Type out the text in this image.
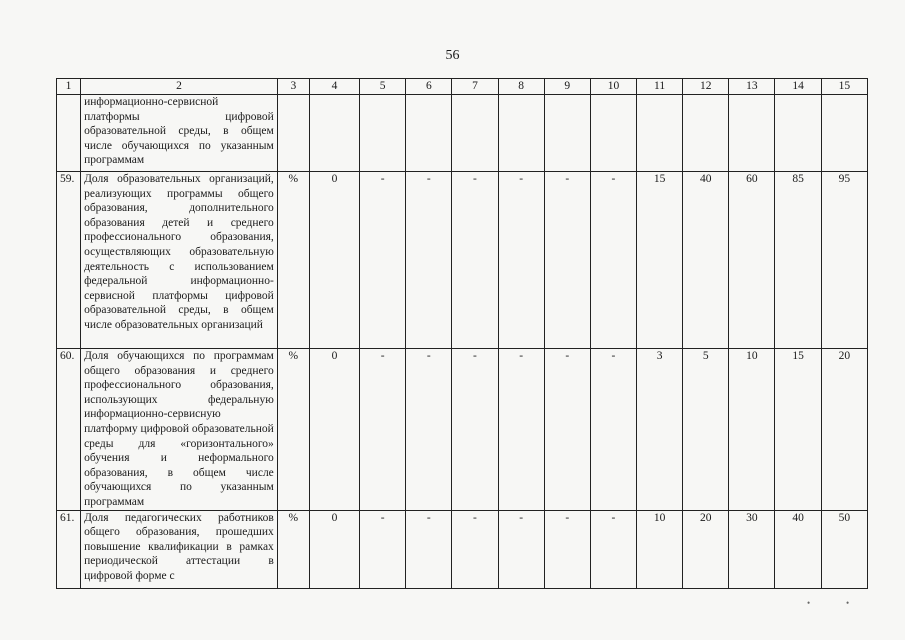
56
1	2	3	4	5	6	7	8	9	10	11	12	13	14	15
	информационно-сервисной платформы цифровой образовательной среды, в общем числе обучающихся по указанным программам													
59.	Доля образовательных организаций, реализующих программы общего образования, дополнительного образования детей и среднего профессионального образования, осуществляющих образовательную деятельность с использованием федеральной информационно-сервисной платформы цифровой образовательной среды, в общем числе образовательных организаций	%	0	-	-	-	-	-	-	15	40	60	85	95
60.	Доля обучающихся по программам общего образования и среднего профессионального образования, использующих федеральную информационно-сервисную платформу цифровой образовательной среды для «горизонтального» обучения и неформального образования, в общем числе обучающихся по указанным программам	%	0	-	-	-	-	-	-	3	5	10	15	20
61.	Доля педагогических работников общего образования, прошедших повышение квалификации в рамках периодической аттестации в цифровой форме с	%	0	-	-	-	-	-	-	10	20	30	40	50
•	•
